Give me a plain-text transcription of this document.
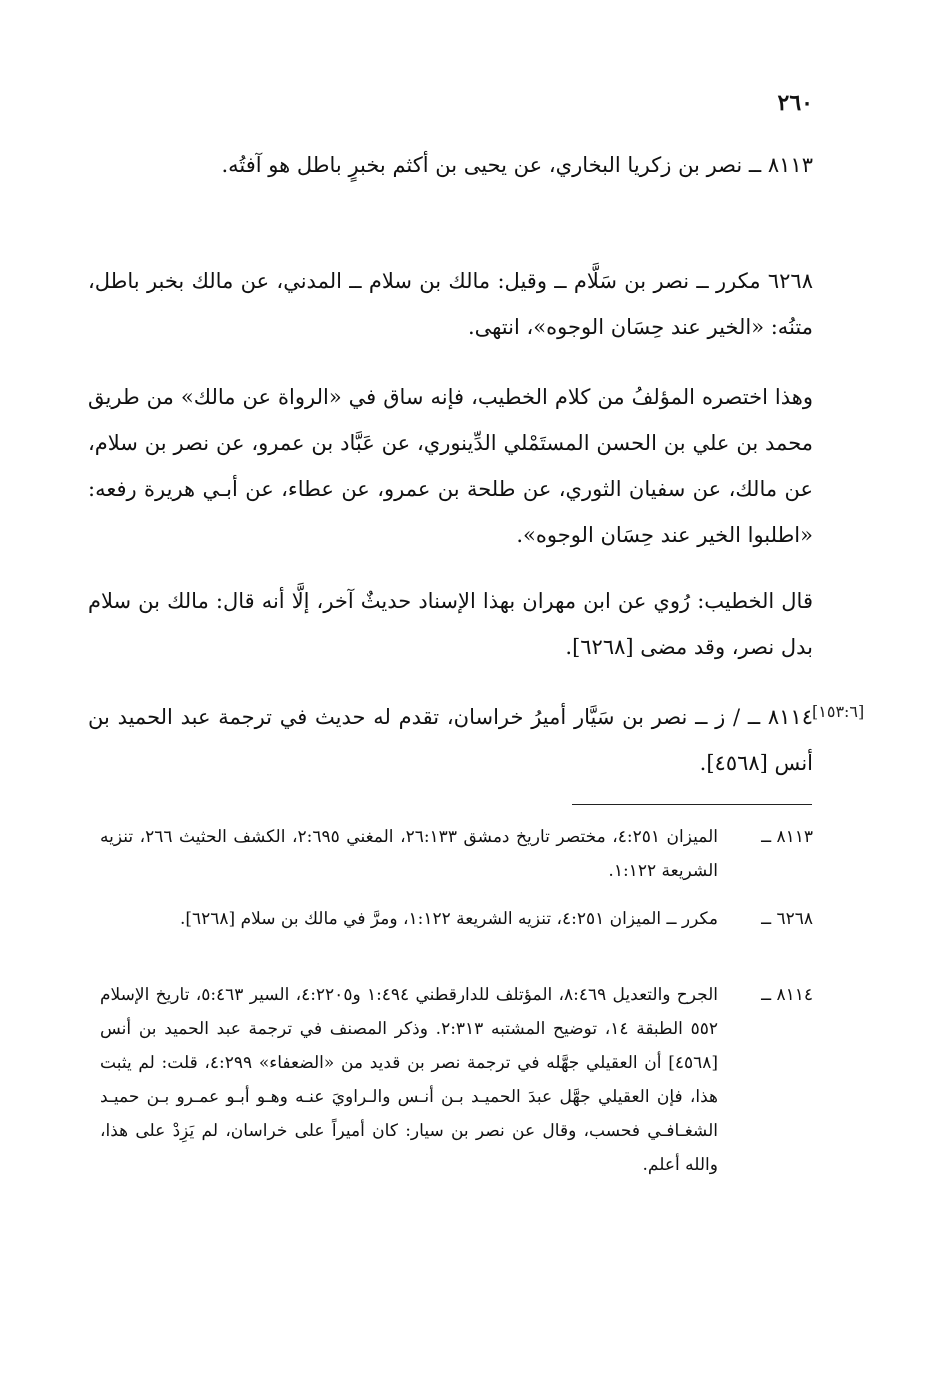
٢٦٠

٨١١٣ ــ نصر بن زكريا البخاري، عن يحيى بن أكثم بخبرٍ باطل هو آفتُه.

٦٢٦٨ مكرر ــ نصر بن سَلَّام ــ وقيل: مالك بن سلام ــ المدني، عن مالك بخبر باطل، متنُه: «الخير عند حِسَان الوجوه»، انتهى.

وهذا اختصره المؤلفُ من كلام الخطيب، فإنه ساق في «الرواة عن مالك» من طريق محمد بن علي بن الحسن المستَمْلي الدِّينوري، عن عَبَّاد بن عمرو، عن نصر بن سلام، عن مالك، عن سفيان الثوري، عن طلحة بن عمرو، عن عطاء، عن أبـي هريرة رفعه: «اطلبوا الخير عند حِسَان الوجوه».

قال الخطيب: رُوي عن ابن مهران بهذا الإسناد حديثٌ آخر، إلَّا أنه قال: مالك بن سلام بدل نصر، وقد مضى [٦٢٦٨].

٨١١٤ ــ / ز ــ نصر بن سَيَّار أميرُ خراسان، تقدم له حديث في ترجمة عبد الحميد بن أنس [٤٥٦٨].

[١٥٣:٦]
٨١١٣ ــ
الميزان ٤:٢٥١، مختصر تاريخ دمشق ٢٦:١٣٣، المغني ٢:٦٩٥، الكشف الحثيث ٢٦٦، تنزيه الشريعة ١:١٢٢.
٦٢٦٨ ــ
مكرر ــ الميزان ٤:٢٥١، تنزيه الشريعة ١:١٢٢، ومرَّ في مالك بن سلام [٦٢٦٨].
٨١١٤ ــ
الجرح والتعديل ٨:٤٦٩، المؤتلف للدارقطني ١:٤٩٤ و٤:٢٢٠٥، السير ٥:٤٦٣، تاريخ الإسلام ٥٥٢ الطبقة ١٤، توضيح المشتبه ٢:٣١٣. وذكر المصنف في ترجمة عبد الحميد بن أنس [٤٥٦٨] أن العقيلي جهَّله في ترجمة نصر بن قديد من «الضعفاء» ٤:٢٩٩، قلت: لم يثبت هذا، فإن العقيلي جهَّل عبدَ الحميـد بـن أنـس والـراويَ عنـه وهـو أبـو عمـرو بـن حميـد الشغـافـي فحسب، وقال عن نصر بن سيار: كان أميراً على خراسان، لم يَزِدْ على هذا، والله أعلم.
